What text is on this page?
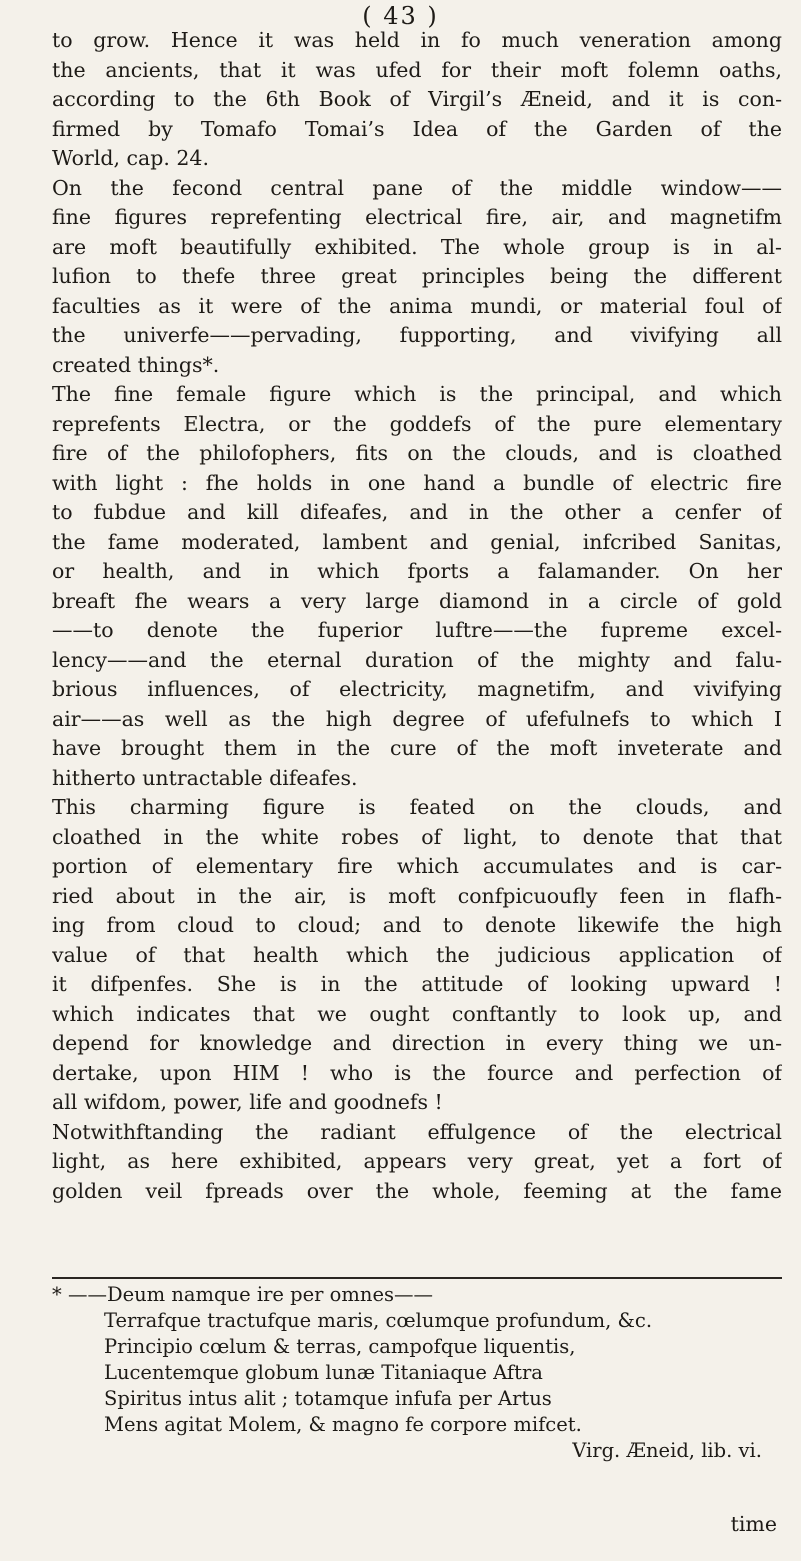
( 43 )
to grow. Hence it was held in fo much veneration among
the ancients, that it was ufed for their moft folemn oaths,
according to the 6th Book of Virgil’s Æneid, and it is con-
firmed by Tomafo Tomai’s Idea of the Garden of the
World, cap. 24.
On the fecond central pane of the middle window——
fine figures reprefenting electrical fire, air, and magnetifm
are moft beautifully exhibited. The whole group is in al-
lufion to thefe three great principles being the different
faculties as it were of the anima mundi, or material foul of
the univerfe——pervading, fupporting, and vivifying all
created things*.
The fine female figure which is the principal, and which
reprefents Electra, or the goddefs of the pure elementary
fire of the philofophers, fits on the clouds, and is cloathed
with light : fhe holds in one hand a bundle of electric fire
to fubdue and kill difeafes, and in the other a cenfer of
the fame moderated, lambent and genial, infcribed Sanitas,
or health, and in which fports a falamander. On her
breaft fhe wears a very large diamond in a circle of gold
——to denote the fuperior luftre——the fupreme excel-
lency——and the eternal duration of the mighty and falu-
brious influences, of electricity, magnetifm, and vivifying
air——as well as the high degree of ufefulnefs to which I
have brought them in the cure of the moft inveterate and
hitherto untractable difeafes.
This charming figure is feated on the clouds, and
cloathed in the white robes of light, to denote that that
portion of elementary fire which accumulates and is car-
ried about in the air, is moft confpicuoufly feen in flafh-
ing from cloud to cloud; and to denote likewife the high
value of that health which the judicious application of
it difpenfes. She is in the attitude of looking upward !
which indicates that we ought conftantly to look up, and
depend for knowledge and direction in every thing we un-
dertake, upon HIM ! who is the fource and perfection of
all wifdom, power, life and goodnefs !
Notwithftanding the radiant effulgence of the electrical
light, as here exhibited, appears very great, yet a fort of
golden veil fpreads over the whole, feeming at the fame
* ——Deum namque ire per omnes——
Terrafque tractufque maris, cœlumque profundum, &c.
Principio cœlum & terras, campofque liquentis,
Lucentemque globum lunæ Titaniaque Aftra
Spiritus intus alit ; totamque infufa per Artus
Mens agitat Molem, & magno fe corpore mifcet.
Virg. Æneid, lib. vi.
time
